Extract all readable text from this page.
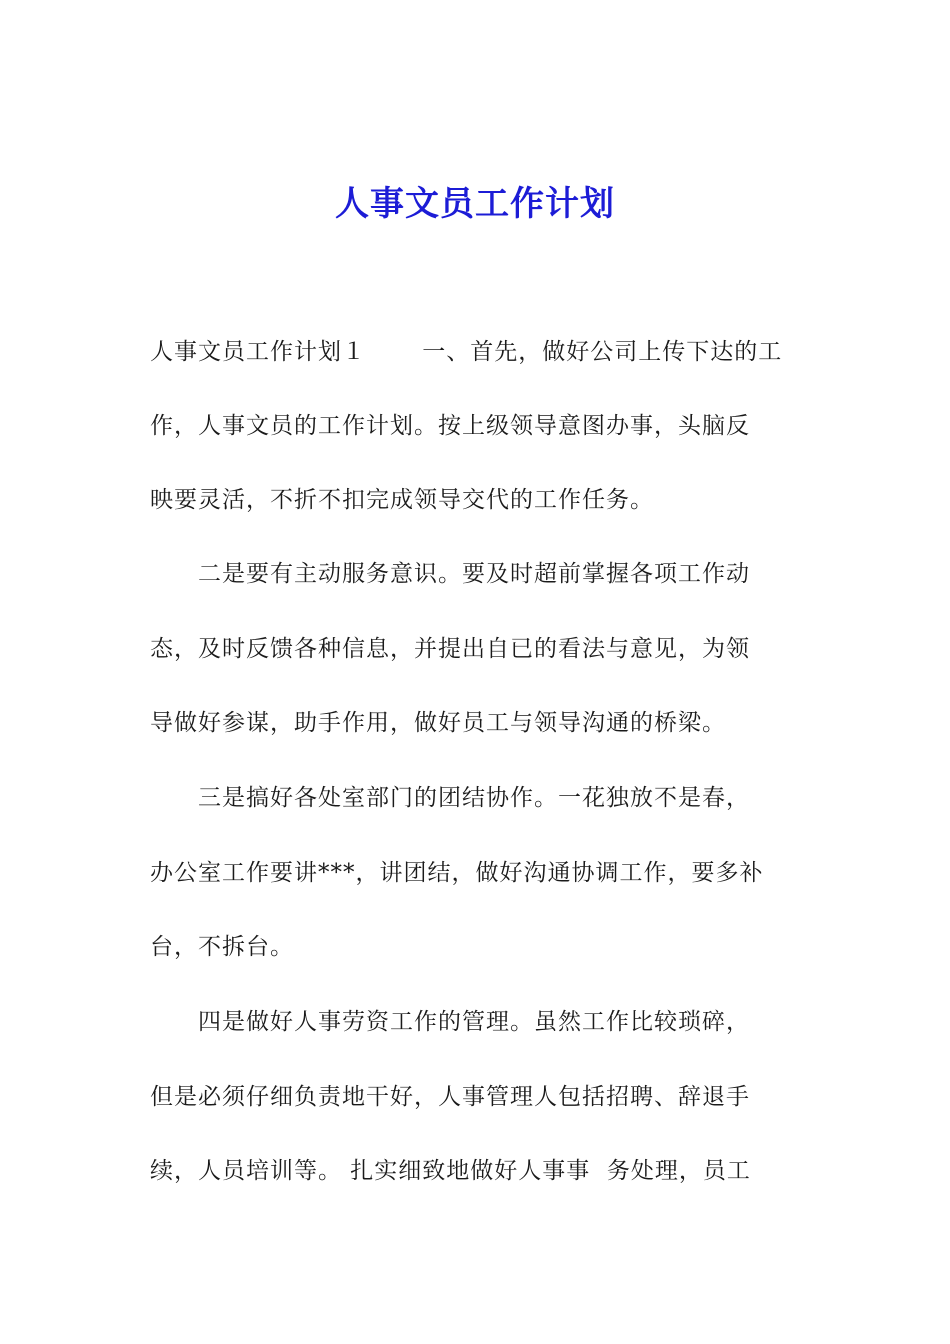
人事文员工作计划
人事文员工作计划１　　 一、首先，做好公司上传下达的工
作，人事文员的工作计划。按上级领导意图办事，头脑反
映要灵活，不折不扣完成领导交代的工作任务。
　　二是要有主动服务意识。要及时超前掌握各项工作动
态，及时反馈各种信息，并提出自已的看法与意见，为领
导做好参谋，助手作用，做好员工与领导沟通的桥梁。
　　三是搞好各处室部门的团结协作。一花独放不是春，
办公室工作要讲***，讲团结，做好沟通协调工作，要多补
台，不拆台。
　　四是做好人事劳资工作的管理。虽然工作比较琐碎，
但是必须仔细负责地干好，人事管理人包括招聘、辞退手
续，人员培训等。 扎实细致地做好人事事  务处理，员工
